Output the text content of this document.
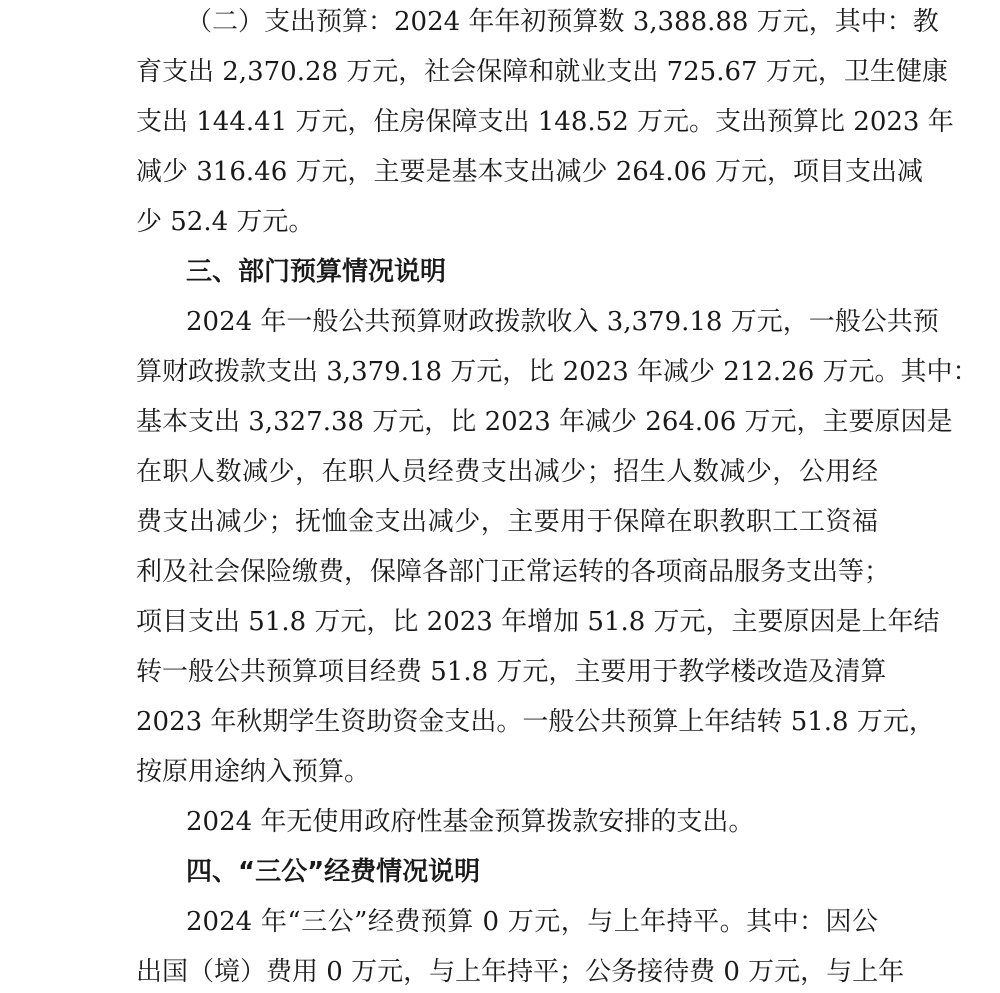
（二）支出预算：2024 年年初预算数 3,388.88 万元，其中：教
育支出 2,370.28 万元，社会保障和就业支出 725.67 万元，卫生健康
支出 144.41 万元，住房保障支出 148.52 万元。支出预算比 2023 年
减少 316.46 万元，主要是基本支出减少 264.06 万元，项目支出减
少 52.4 万元。
三、部门预算情况说明
2024 年一般公共预算财政拨款收入 3,379.18 万元，一般公共预
算财政拨款支出 3,379.18 万元，比 2023 年减少 212.26 万元。其中：
基本支出 3,327.38 万元，比 2023 年减少 264.06 万元，主要原因是
在职人数减少，在职人员经费支出减少；招生人数减少，公用经
费支出减少；抚恤金支出减少，主要用于保障在职教职工工资福
利及社会保险缴费，保障各部门正常运转的各项商品服务支出等；
项目支出 51.8 万元，比 2023 年增加 51.8 万元，主要原因是上年结
转一般公共预算项目经费 51.8 万元，主要用于教学楼改造及清算
2023 年秋期学生资助资金支出。一般公共预算上年结转 51.8 万元，
按原用途纳入预算。
2024 年无使用政府性基金预算拨款安排的支出。
四、“三公”经费情况说明
2024 年“三公”经费预算 0 万元，与上年持平。其中：因公
出国（境）费用 0 万元，与上年持平；公务接待费 0 万元，与上年
